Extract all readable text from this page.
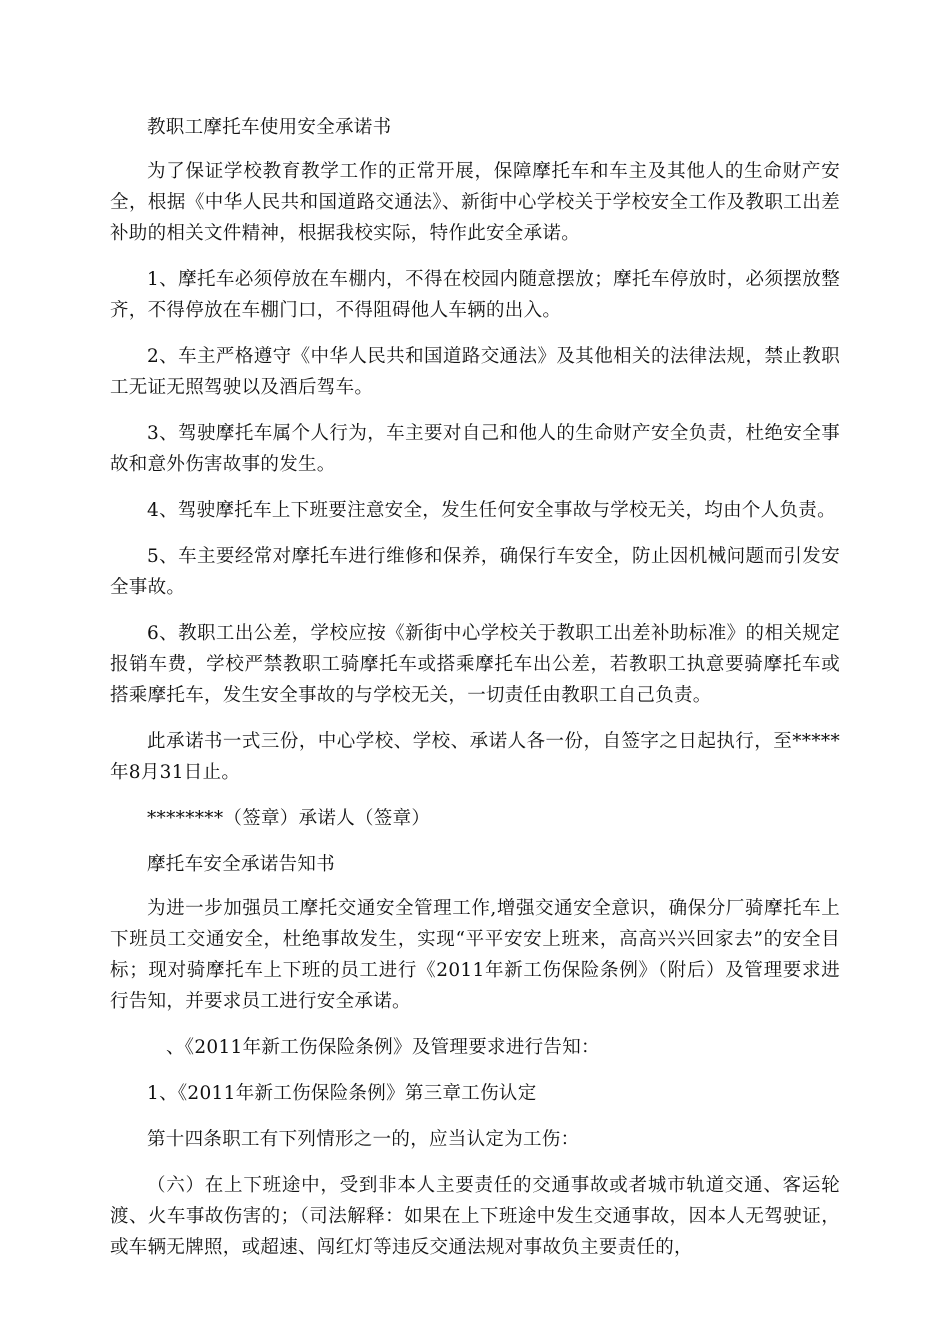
教职工摩托车使用安全承诺书

为了保证学校教育教学工作的正常开展，保障摩托车和车主及其他人的生命财产安全，根据《中华人民共和国道路交通法》、新街中心学校关于学校安全工作及教职工出差补助的相关文件精神，根据我校实际，特作此安全承诺。

1、摩托车必须停放在车棚内，不得在校园内随意摆放；摩托车停放时，必须摆放整齐，不得停放在车棚门口，不得阻碍他人车辆的出入。

2、车主严格遵守《中华人民共和国道路交通法》及其他相关的法律法规，禁止教职工无证无照驾驶以及酒后驾车。

3、驾驶摩托车属个人行为，车主要对自己和他人的生命财产安全负责，杜绝安全事故和意外伤害故事的发生。

4、驾驶摩托车上下班要注意安全，发生任何安全事故与学校无关，均由个人负责。

5、车主要经常对摩托车进行维修和保养，确保行车安全，防止因机械问题而引发安全事故。

6、教职工出公差，学校应按《新街中心学校关于教职工出差补助标准》的相关规定报销车费，学校严禁教职工骑摩托车或搭乘摩托车出公差，若教职工执意要骑摩托车或搭乘摩托车，发生安全事故的与学校无关，一切责任由教职工自己负责。

此承诺书一式三份，中心学校、学校、承诺人各一份，自签字之日起执行，至*****年8月31日止。

********（签章）承诺人（签章）

摩托车安全承诺告知书

为进一步加强员工摩托交通安全管理工作,增强交通安全意识，确保分厂骑摩托车上下班员工交通安全，杜绝事故发生，实现“平平安安上班来，高高兴兴回家去”的安全目标；现对骑摩托车上下班的员工进行《2011年新工伤保险条例》（附后）及管理要求进行告知，并要求员工进行安全承诺。

、《2011年新工伤保险条例》及管理要求进行告知：

1、《2011年新工伤保险条例》第三章工伤认定

第十四条职工有下列情形之一的，应当认定为工伤：

（六）在上下班途中，受到非本人主要责任的交通事故或者城市轨道交通、客运轮渡、火车事故伤害的；（司法解释：如果在上下班途中发生交通事故，因本人无驾驶证，或车辆无牌照，或超速、闯红灯等违反交通法规对事故负主要责任的，
